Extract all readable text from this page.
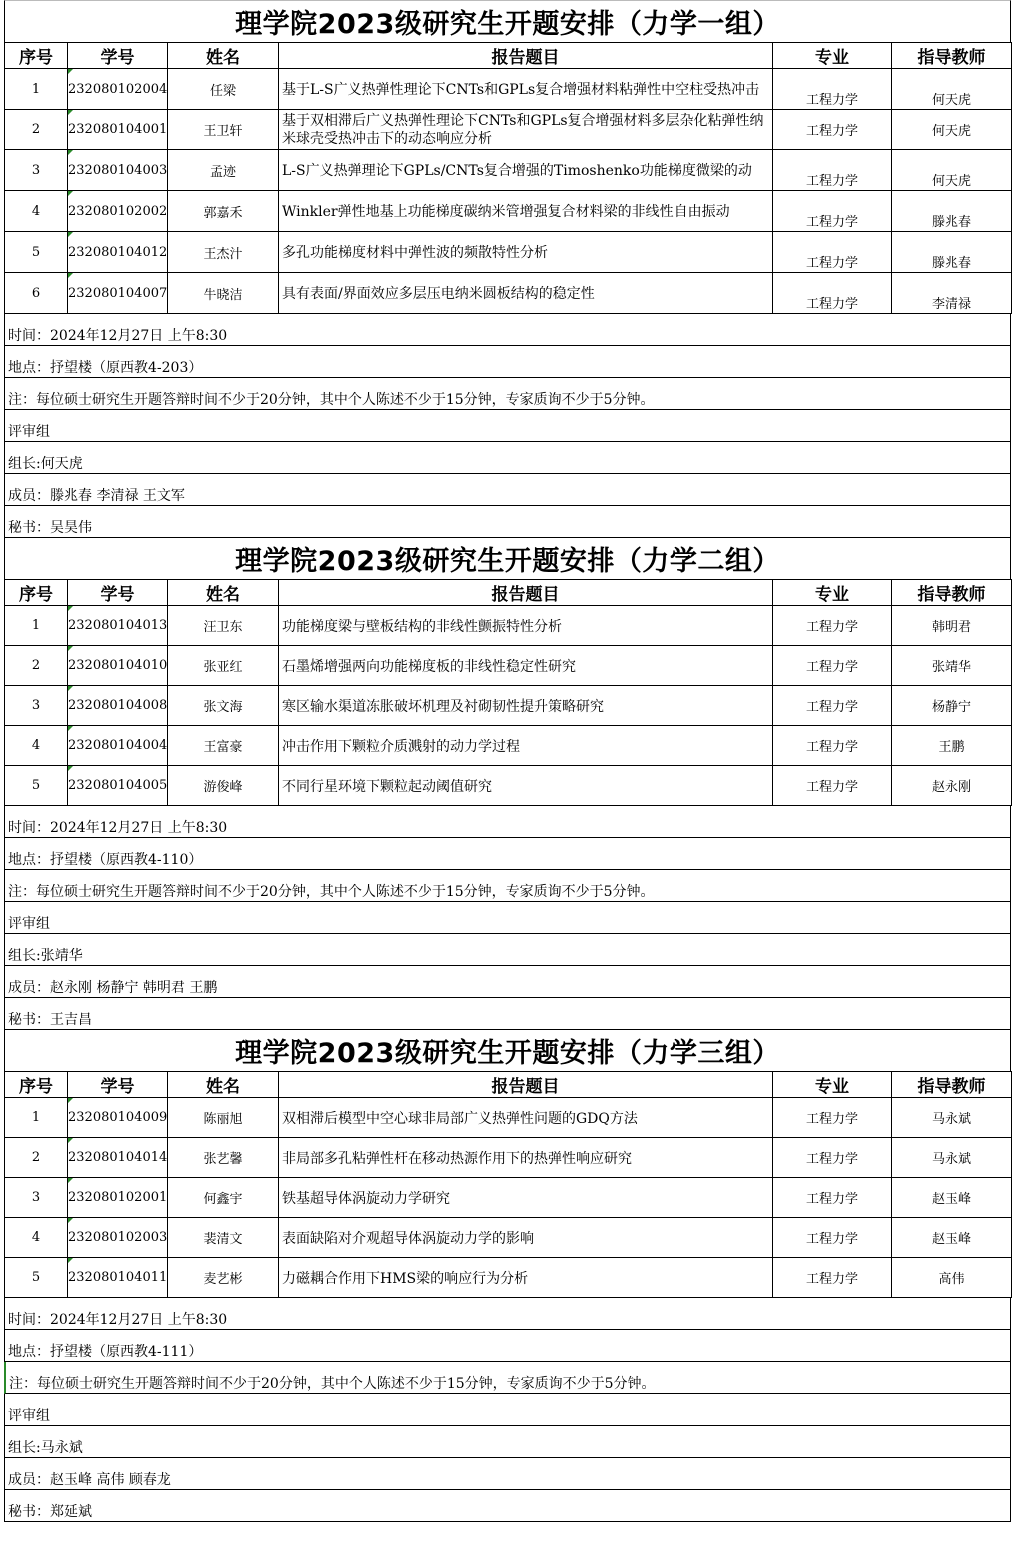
理学院2023级研究生开题安排（力学一组）
序号	学号	姓名	报告题目	专业	指导教师
1	232080102004	任梁	基于L-S广义热弹性理论下CNTs和GPLs复合增强材料粘弹性中空柱受热冲击	工程力学	何天虎
2	232080104001	王卫轩	基于双相滞后广义热弹性理论下CNTs和GPLs复合增强材料多层杂化粘弹性纳米球壳受热冲击下的动态响应分析	工程力学	何天虎
3	232080104003	孟迹	L-S广义热弹理论下GPLs/CNTs复合增强的Timoshenko功能梯度微梁的动	工程力学	何天虎
4	232080102002	郭嘉禾	Winkler弹性地基上功能梯度碳纳米管增强复合材料梁的非线性自由振动	工程力学	滕兆春
5	232080104012	王杰汁	多孔功能梯度材料中弹性波的频散特性分析	工程力学	滕兆春
6	232080104007	牛晓洁	具有表面/界面效应多层压电纳米圆板结构的稳定性	工程力学	李清禄
时间：2024年12月27日 上午8:30
地点：抒望楼（原西教4-203）
注：每位硕士研究生开题答辩时间不少于20分钟，其中个人陈述不少于15分钟，专家质询不少于5分钟。
评审组
组长:何天虎
成员：滕兆春 李清禄 王文军
秘书：吴昊伟
理学院2023级研究生开题安排（力学二组）
序号	学号	姓名	报告题目	专业	指导教师
1	232080104013	汪卫东	功能梯度梁与壁板结构的非线性颤振特性分析	工程力学	韩明君
2	232080104010	张亚红	石墨烯增强两向功能梯度板的非线性稳定性研究	工程力学	张靖华
3	232080104008	张文海	寒区输水渠道冻胀破坏机理及衬砌韧性提升策略研究	工程力学	杨静宁
4	232080104004	王富豪	冲击作用下颗粒介质溅射的动力学过程	工程力学	王鹏
5	232080104005	游俊峰	不同行星环境下颗粒起动阈值研究	工程力学	赵永刚
时间：2024年12月27日 上午8:30
地点：抒望楼（原西教4-110）
注：每位硕士研究生开题答辩时间不少于20分钟，其中个人陈述不少于15分钟，专家质询不少于5分钟。
评审组
组长:张靖华
成员：赵永刚 杨静宁 韩明君 王鹏
秘书：王吉昌
理学院2023级研究生开题安排（力学三组）
序号	学号	姓名	报告题目	专业	指导教师
1	232080104009	陈丽旭	双相滞后模型中空心球非局部广义热弹性问题的GDQ方法	工程力学	马永斌
2	232080104014	张艺馨	非局部多孔粘弹性杆在移动热源作用下的热弹性响应研究	工程力学	马永斌
3	232080102001	何鑫宇	铁基超导体涡旋动力学研究	工程力学	赵玉峰
4	232080102003	裴清文	表面缺陷对介观超导体涡旋动力学的影响	工程力学	赵玉峰
5	232080104011	麦艺彬	力磁耦合作用下HMS梁的响应行为分析	工程力学	高伟
时间：2024年12月27日 上午8:30
地点：抒望楼（原西教4-111）
注：每位硕士研究生开题答辩时间不少于20分钟，其中个人陈述不少于15分钟，专家质询不少于5分钟。
评审组
组长:马永斌
成员：赵玉峰 高伟 顾春龙
秘书：郑延斌
